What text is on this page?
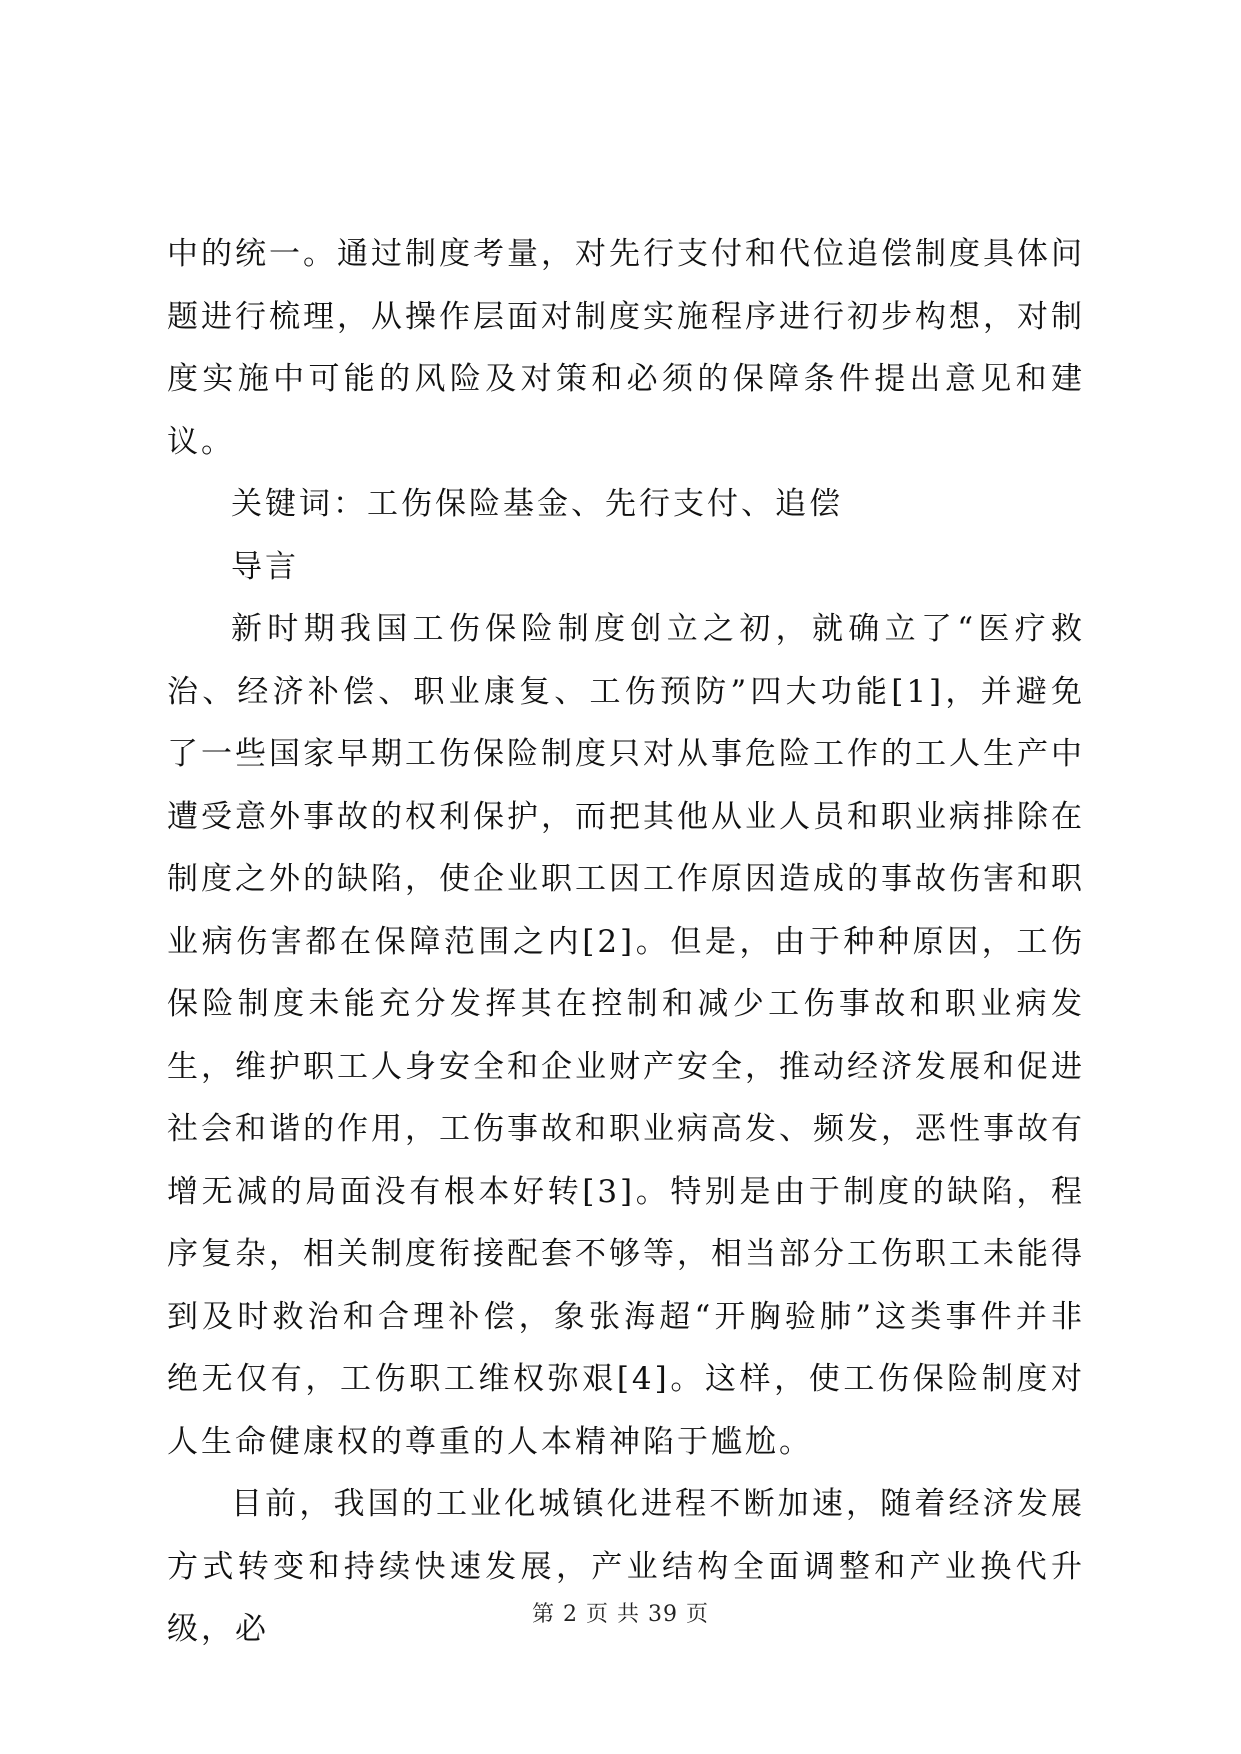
中的统一。通过制度考量，对先行支付和代位追偿制度具体问题进行梳理，从操作层面对制度实施程序进行初步构想，对制度实施中可能的风险及对策和必须的保障条件提出意见和建议。

关键词：工伤保险基金、先行支付、追偿

导言

新时期我国工伤保险制度创立之初，就确立了“医疗救治、经济补偿、职业康复、工伤预防”四大功能[1]，并避免了一些国家早期工伤保险制度只对从事危险工作的工人生产中遭受意外事故的权利保护，而把其他从业人员和职业病排除在制度之外的缺陷，使企业职工因工作原因造成的事故伤害和职业病伤害都在保障范围之内[2]。但是，由于种种原因，工伤保险制度未能充分发挥其在控制和减少工伤事故和职业病发生，维护职工人身安全和企业财产安全，推动经济发展和促进社会和谐的作用，工伤事故和职业病高发、频发，恶性事故有增无减的局面没有根本好转[3]。特别是由于制度的缺陷，程序复杂，相关制度衔接配套不够等，相当部分工伤职工未能得到及时救治和合理补偿，象张海超“开胸验肺”这类事件并非绝无仅有，工伤职工维权弥艰[4]。这样，使工伤保险制度对人生命健康权的尊重的人本精神陷于尴尬。

目前，我国的工业化城镇化进程不断加速，随着经济发展方式转变和持续快速发展，产业结构全面调整和产业换代升级，必	第 2 页 共 39 页
